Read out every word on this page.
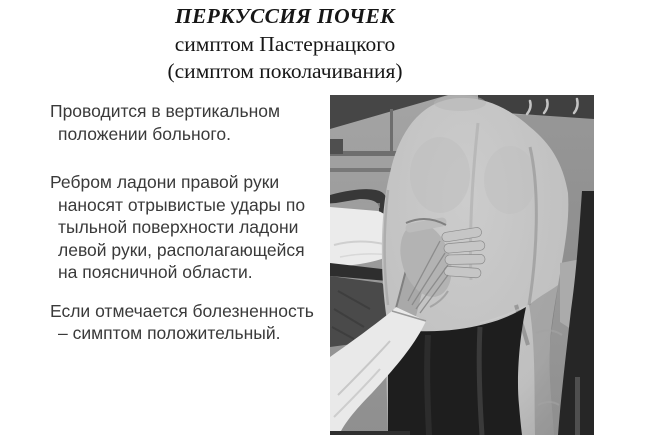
ПЕРКУССИЯ ПОЧЕК
симптом Пастернацкого
(симптом поколачивания)
Проводится в вертикальном
положении больного.
Ребром ладони правой руки
наносят отрывистые удары по
тыльной поверхности ладони
левой руки, располагающейся
на поясничной области.
Если отмечается болезненность
– симптом положительный.
